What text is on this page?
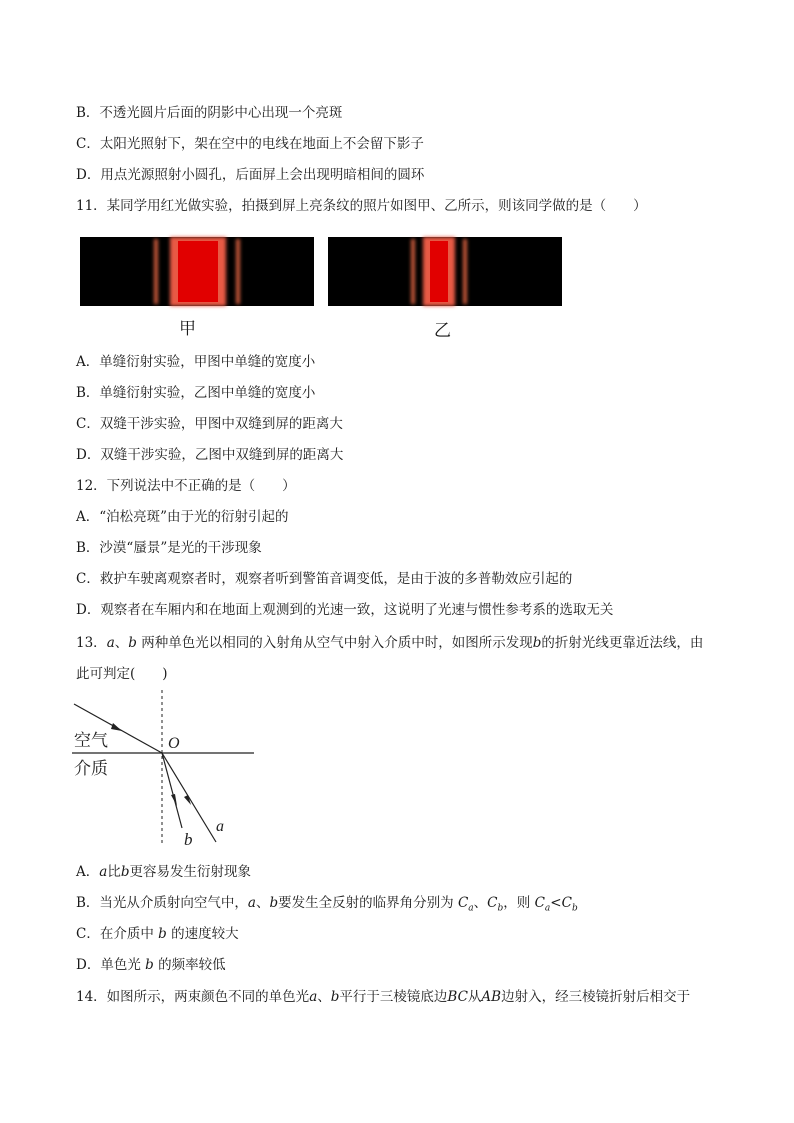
B．不透光圆片后面的阴影中心出现一个亮斑
C．太阳光照射下，架在空中的电线在地面上不会留下影子
D．用点光源照射小圆孔，后面屏上会出现明暗相间的圆环
11．某同学用红光做实验，拍摄到屏上亮条纹的照片如图甲、乙所示，则该同学做的是（　　）
甲	乙
A．单缝衍射实验，甲图中单缝的宽度小
B．单缝衍射实验，乙图中单缝的宽度小
C．双缝干涉实验，甲图中双缝到屏的距离大
D．双缝干涉实验，乙图中双缝到屏的距离大
12．下列说法中不正确的是（　　）
A．“泊松亮斑”由于光的衍射引起的
B．沙漠“蜃景”是光的干涉现象
C．救护车驶离观察者时，观察者听到警笛音调变低，是由于波的多普勒效应引起的
D．观察者在车厢内和在地面上观测到的光速一致，这说明了光速与惯性参考系的选取无关
13．a、b 两种单色光以相同的入射角从空气中射入介质中时，如图所示发现b的折射光线更靠近法线，由
此可判定(　　)
空气
介质
O
a
b
A．a比b更容易发生衍射现象
B．当光从介质射向空气中，a、b要发生全反射的临界角分别为 $C_a$、$C_b$，则 $C_a<C_b$
C．在介质中 b 的速度较大
D．单色光 b 的频率较低
14．如图所示，两束颜色不同的单色光a、b平行于三棱镜底边BC从AB边射入，经三棱镜折射后相交于
